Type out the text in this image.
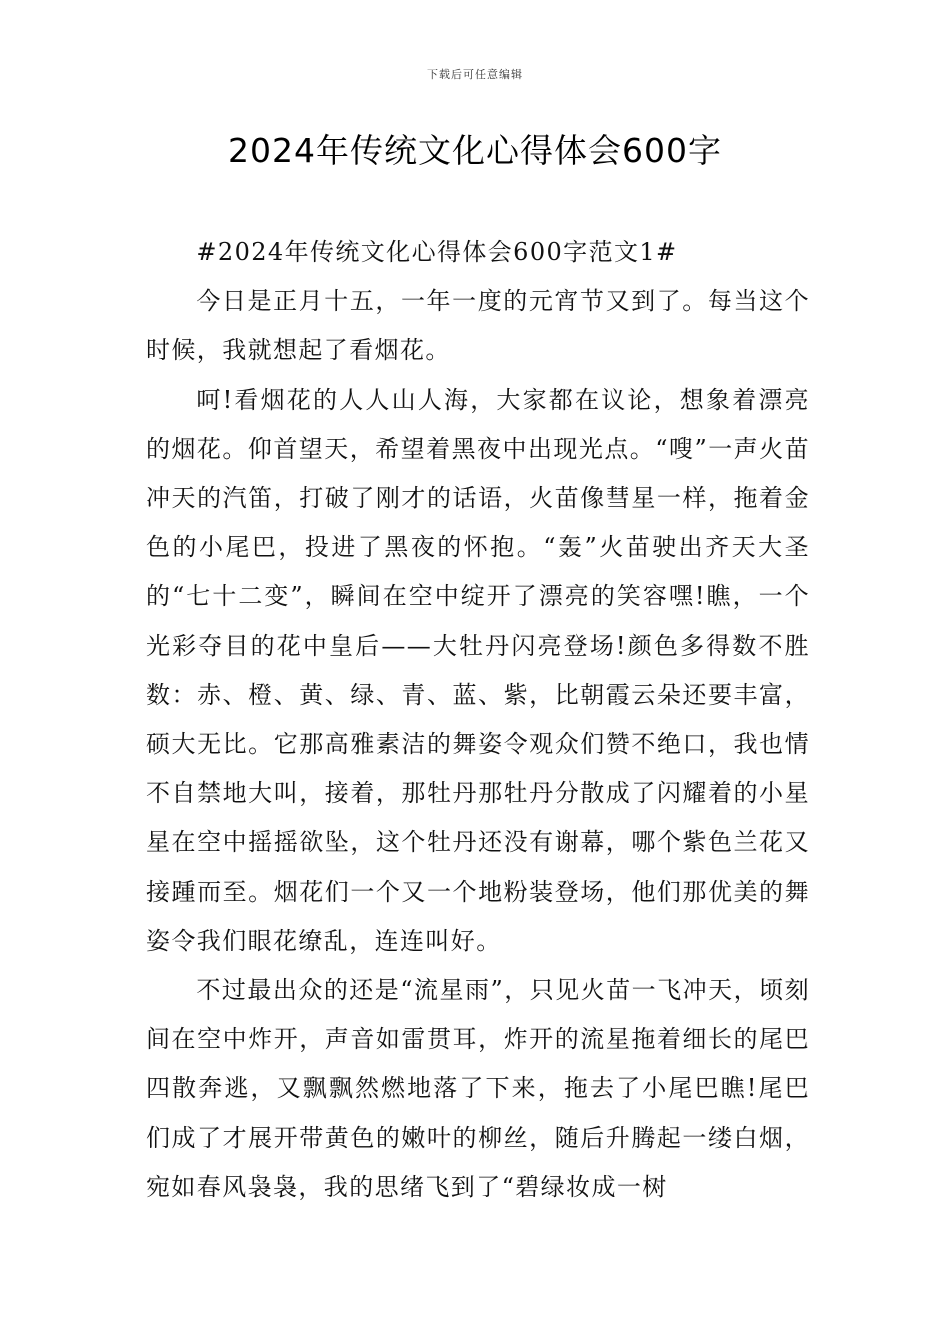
下载后可任意编辑
2024年传统文化心得体会600字

#2024年传统文化心得体会600字范文1#

今日是正月十五，一年一度的元宵节又到了。每当这个时候，我就想起了看烟花。

呵!看烟花的人人山人海，大家都在议论，想象着漂亮的烟花。仰首望天，希望着黑夜中出现光点。“嗖”一声火苗冲天的汽笛，打破了刚才的话语，火苗像彗星一样，拖着金色的小尾巴，投进了黑夜的怀抱。“轰”火苗驶出齐天大圣的“七十二变”，瞬间在空中绽开了漂亮的笑容嘿!瞧，一个光彩夺目的花中皇后——大牡丹闪亮登场!颜色多得数不胜数：赤、橙、黄、绿、青、蓝、紫，比朝霞云朵还要丰富，硕大无比。它那高雅素洁的舞姿令观众们赞不绝口，我也情不自禁地大叫，接着，那牡丹那牡丹分散成了闪耀着的小星星在空中摇摇欲坠，这个牡丹还没有谢幕，哪个紫色兰花又接踵而至。烟花们一个又一个地粉装登场，他们那优美的舞姿令我们眼花缭乱，连连叫好。

不过最出众的还是“流星雨”，只见火苗一飞冲天，顷刻间在空中炸开，声音如雷贯耳，炸开的流星拖着细长的尾巴四散奔逃，又飘飘然燃地落了下来，拖去了小尾巴瞧!尾巴们成了才展开带黄色的嫩叶的柳丝，随后升腾起一缕白烟，宛如春风袅袅，我的思绪飞到了“碧绿妆成一树
